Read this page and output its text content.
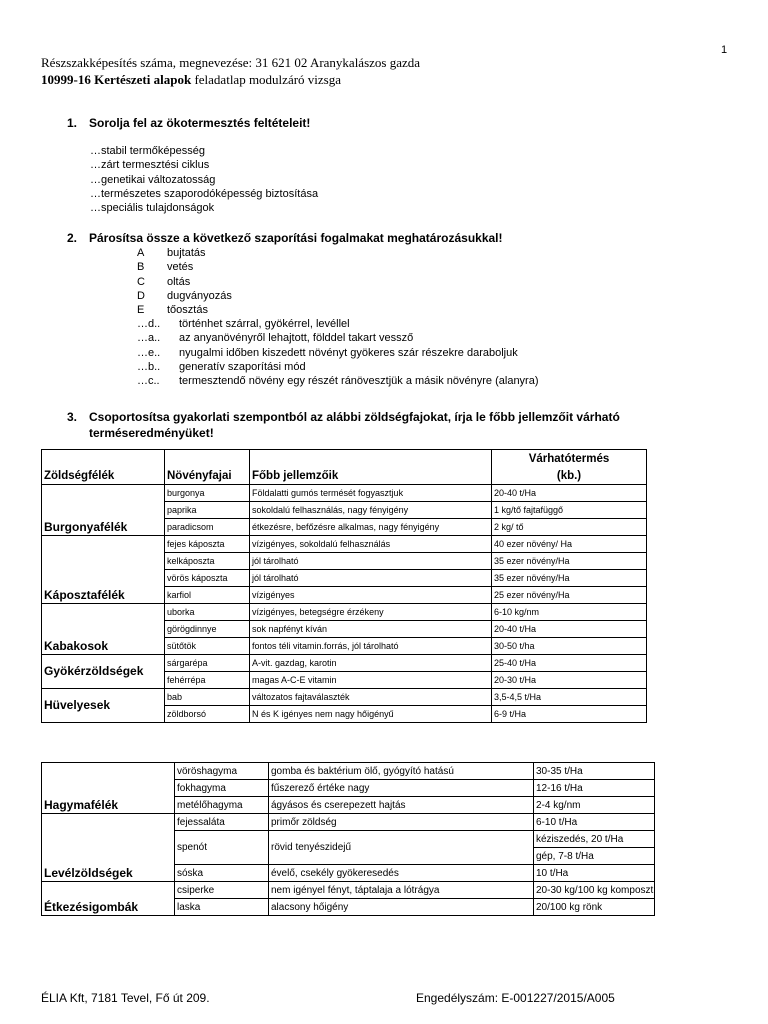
1
Részszakképesítés száma, megnevezése: 31 621 02 Aranykalászos gazda
10999-16 Kertészeti alapok feladatlap modulzáró vizsga
1. Sorolja fel az ökotermesztés feltételeit!
…stabil termőképesség
…zárt termesztési ciklus
…genetikai változatosság
…természetes szaporodóképesség biztosítása
…speciális tulajdonságok
2. Párosítsa össze a következő szaporítási fogalmakat meghatározásukkal!
A bujtatás
B vetés
C oltás
D dugványozás
E tőosztás
…d.. történhet szárral, gyökérrel, levéllel
…a.. az anyanövényről lehajtott, földdel takart vessző
…e.. nyugalmi időben kiszedett növényt gyökeres szár részekre daraboljuk
…b.. generatív szaporítási mód
…c.. termesztendő növény egy részét ránövesztjük a másik növényre (alanyra)
3. Csoportosítsa gyakorlati szempontból az alábbi zöldségfajokat, írja le főbb jellemzőit várható
terméseredményüket!
			Várhatótermés
Zöldségfélék	Növényfajai	Főbb jellemzőik	(kb.)
Burgonyafélék	burgonya	Földalatti gumós termését fogyasztjuk	20-40 t/Ha
	paprika	sokoldalú felhasználás, nagy fényigény	1 kg/tő fajtafüggő
	paradicsom	étkezésre, befőzésre alkalmas, nagy fényigény	2 kg/ tő
Káposztafélék	fejes káposzta	vízigényes, sokoldalú felhasználás	40 ezer növény/ Ha
	kelkáposzta	jól tárolható	35 ezer növény/Ha
	vörös káposzta	jól tárolható	35 ezer növény/Ha
	karfiol	vízigényes	25 ezer növény/Ha
Kabakosok	uborka	vízigényes, betegségre érzékeny	6-10 kg/nm
	görögdinnye	sok napfényt kíván	20-40 t/Ha
	sütőtök	fontos téli vitamin.forrás, jól tárolható	30-50 t/ha
Gyökérzöldségek	sárgarépa	A-vit. gazdag, karotin	25-40 t/Ha
	fehérrépa	magas A-C-E vitamin	20-30 t/Ha
Hüvelyesek	bab	változatos fajtaválaszték	3,5-4,5 t/Ha
	zöldborsó	N és K igényes nem nagy hőigényű	6-9 t/Ha
Hagymafélék	vöröshagyma	gomba és baktérium ölő, gyógyító hatású	30-35 t/Ha
	fokhagyma	fűszerező értéke nagy	12-16 t/Ha
	metélőhagyma	ágyásos és cserepezett hajtás	2-4 kg/nm
Levélzöldségek	fejessaláta	primőr zöldség	6-10 t/Ha
	spenót	rövid tenyészidejű	kéziszedés, 20 t/Ha
			gép, 7-8 t/Ha
	sóska	évelő, csekély gyökeresedés	10 t/Ha
Étkezésigombák	csiperke	nem igényel fényt, táptalaja a lótrágya	20-30 kg/100 kg komposzt
	laska	alacsony hőigény	20/100 kg rönk
ÉLIA Kft, 7181 Tevel, Fő út 209.	Engedélyszám: E-001227/2015/A005
